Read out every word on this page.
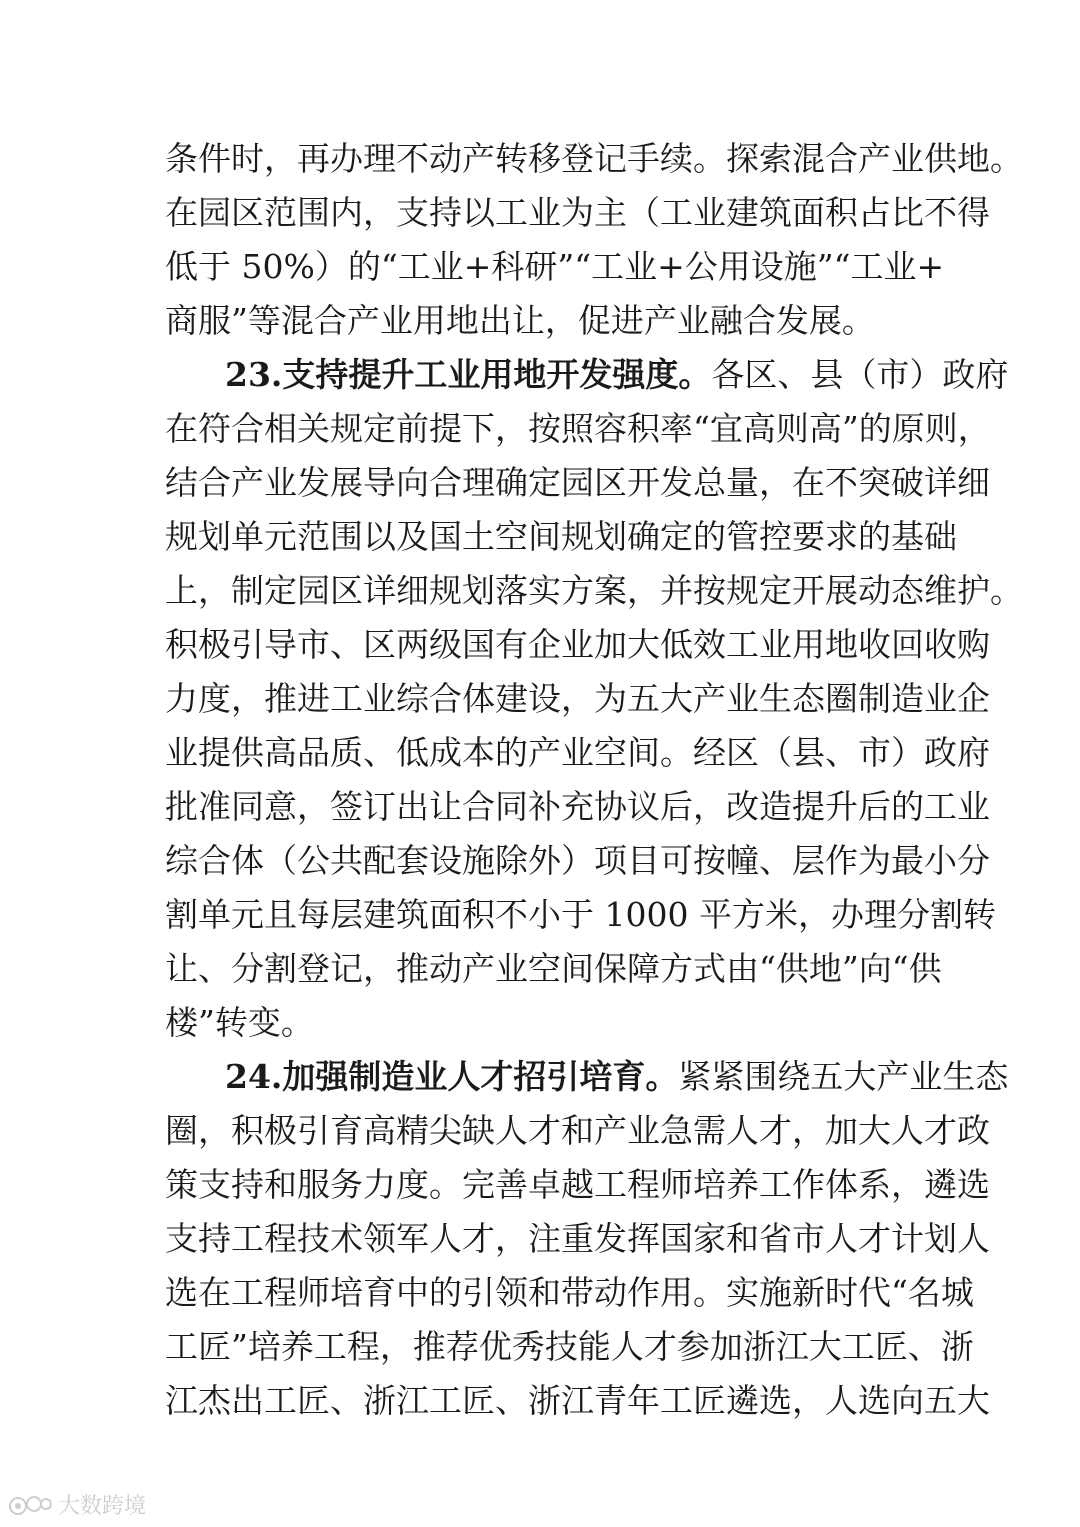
条件时，再办理不动产转移登记手续。探索混合产业供地。
在园区范围内，支持以工业为主（工业建筑面积占比不得
低于 50%）的“工业+科研”“工业+公用设施”“工业+
商服”等混合产业用地出让，促进产业融合发展。
23.支持提升工业用地开发强度。各区、县（市）政府
在符合相关规定前提下，按照容积率“宜高则高”的原则，
结合产业发展导向合理确定园区开发总量，在不突破详细
规划单元范围以及国土空间规划确定的管控要求的基础
上，制定园区详细规划落实方案，并按规定开展动态维护。
积极引导市、区两级国有企业加大低效工业用地收回收购
力度，推进工业综合体建设，为五大产业生态圈制造业企
业提供高品质、低成本的产业空间。经区（县、市）政府
批准同意，签订出让合同补充协议后，改造提升后的工业
综合体（公共配套设施除外）项目可按幢、层作为最小分
割单元且每层建筑面积不小于 1000 平方米，办理分割转
让、分割登记，推动产业空间保障方式由“供地”向“供
楼”转变。
24.加强制造业人才招引培育。紧紧围绕五大产业生态
圈，积极引育高精尖缺人才和产业急需人才，加大人才政
策支持和服务力度。完善卓越工程师培养工作体系，遴选
支持工程技术领军人才，注重发挥国家和省市人才计划人
选在工程师培育中的引领和带动作用。实施新时代“名城
工匠”培养工程，推荐优秀技能人才参加浙江大工匠、浙
江杰出工匠、浙江工匠、浙江青年工匠遴选，人选向五大
大数跨境
